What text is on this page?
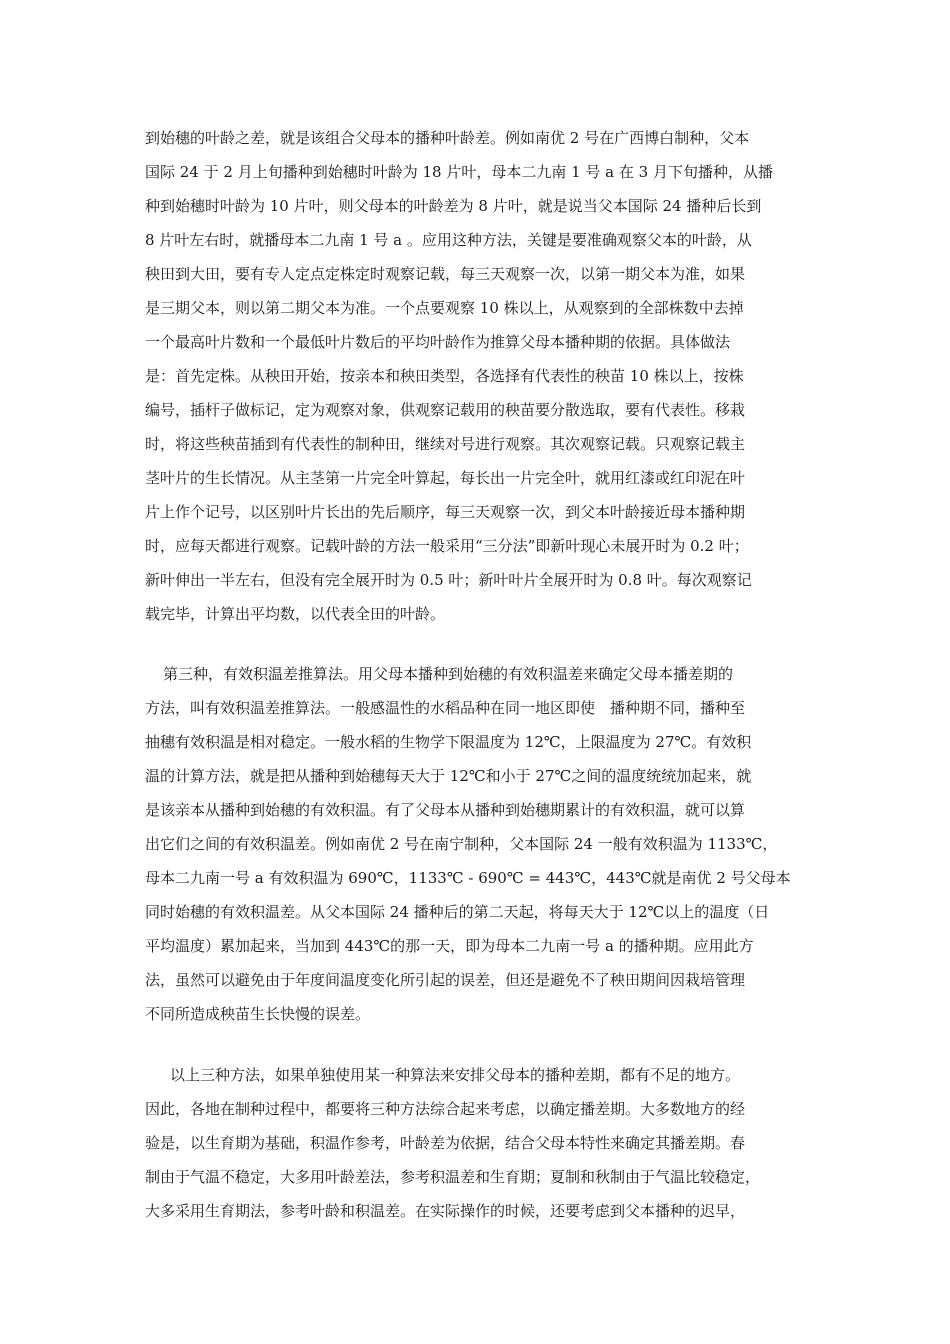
到始穗的叶龄之差，就是该组合父母本的播种叶龄差。例如南优 2 号在广西博白制种，父本
国际 24 于 2 月上旬播种到始穗时叶龄为 18 片叶，母本二九南 1 号 a 在 3 月下旬播种，从播
种到始穗时叶龄为 10 片叶，则父母本的叶龄差为 8 片叶，就是说当父本国际 24 播种后长到
8 片叶左右时，就播母本二九南 1 号 a 。应用这种方法，关键是要准确观察父本的叶龄，从
秧田到大田，要有专人定点定株定时观察记载，每三天观察一次，以第一期父本为准，如果
是三期父本，则以第二期父本为准。一个点要观察 10 株以上，从观察到的全部株数中去掉
一个最高叶片数和一个最低叶片数后的平均叶龄作为推算父母本播种期的依据。具体做法
是：首先定株。从秧田开始，按亲本和秧田类型，各选择有代表性的秧苗 10 株以上，按株
编号，插杆子做标记，定为观察对象，供观察记载用的秧苗要分散选取，要有代表性。移栽
时，将这些秧苗插到有代表性的制种田，继续对号进行观察。其次观察记载。只观察记载主
茎叶片的生长情况。从主茎第一片完全叶算起，每长出一片完全叶，就用红漆或红印泥在叶
片上作个记号，以区别叶片长出的先后顺序，每三天观察一次，到父本叶龄接近母本播种期
时，应每天都进行观察。记载叶龄的方法一般采用“三分法”即新叶现心未展开时为 0.2 叶；
新叶伸出一半左右，但没有完全展开时为 0.5 叶；新叶叶片全展开时为 0.8 叶。每次观察记
载完毕，计算出平均数，以代表全田的叶龄。
第三种，有效积温差推算法。用父母本播种到始穗的有效积温差来确定父母本播差期的
方法，叫有效积温差推算法。一般感温性的水稻品种在同一地区即使　播种期不同，播种至
抽穗有效积温是相对稳定。一般水稻的生物学下限温度为 12℃，上限温度为 27℃。有效积
温的计算方法，就是把从播种到始穗每天大于 12℃和小于 27℃之间的温度统统加起来，就
是该亲本从播种到始穗的有效积温。有了父母本从播种到始穗期累计的有效积温，就可以算
出它们之间的有效积温差。例如南优 2 号在南宁制种，父本国际 24 一般有效积温为 1133℃，
母本二九南一号 a 有效积温为 690℃，1133℃ - 690℃ = 443℃，443℃就是南优 2 号父母本
同时始穗的有效积温差。从父本国际 24 播种后的第二天起，将每天大于 12℃以上的温度（日
平均温度）累加起来，当加到 443℃的那一天，即为母本二九南一号 a 的播种期。应用此方
法，虽然可以避免由于年度间温度变化所引起的误差，但还是避免不了秧田期间因栽培管理
不同所造成秧苗生长快慢的误差。
以上三种方法，如果单独使用某一种算法来安排父母本的播种差期，都有不足的地方。
因此，各地在制种过程中，都要将三种方法综合起来考虑，以确定播差期。大多数地方的经
验是，以生育期为基础，积温作参考，叶龄差为依据，结合父母本特性来确定其播差期。春
制由于气温不稳定，大多用叶龄差法，参考积温差和生育期；夏制和秋制由于气温比较稳定，
大多采用生育期法，参考叶龄和积温差。在实际操作的时候，还要考虑到父本播种的迟早，
